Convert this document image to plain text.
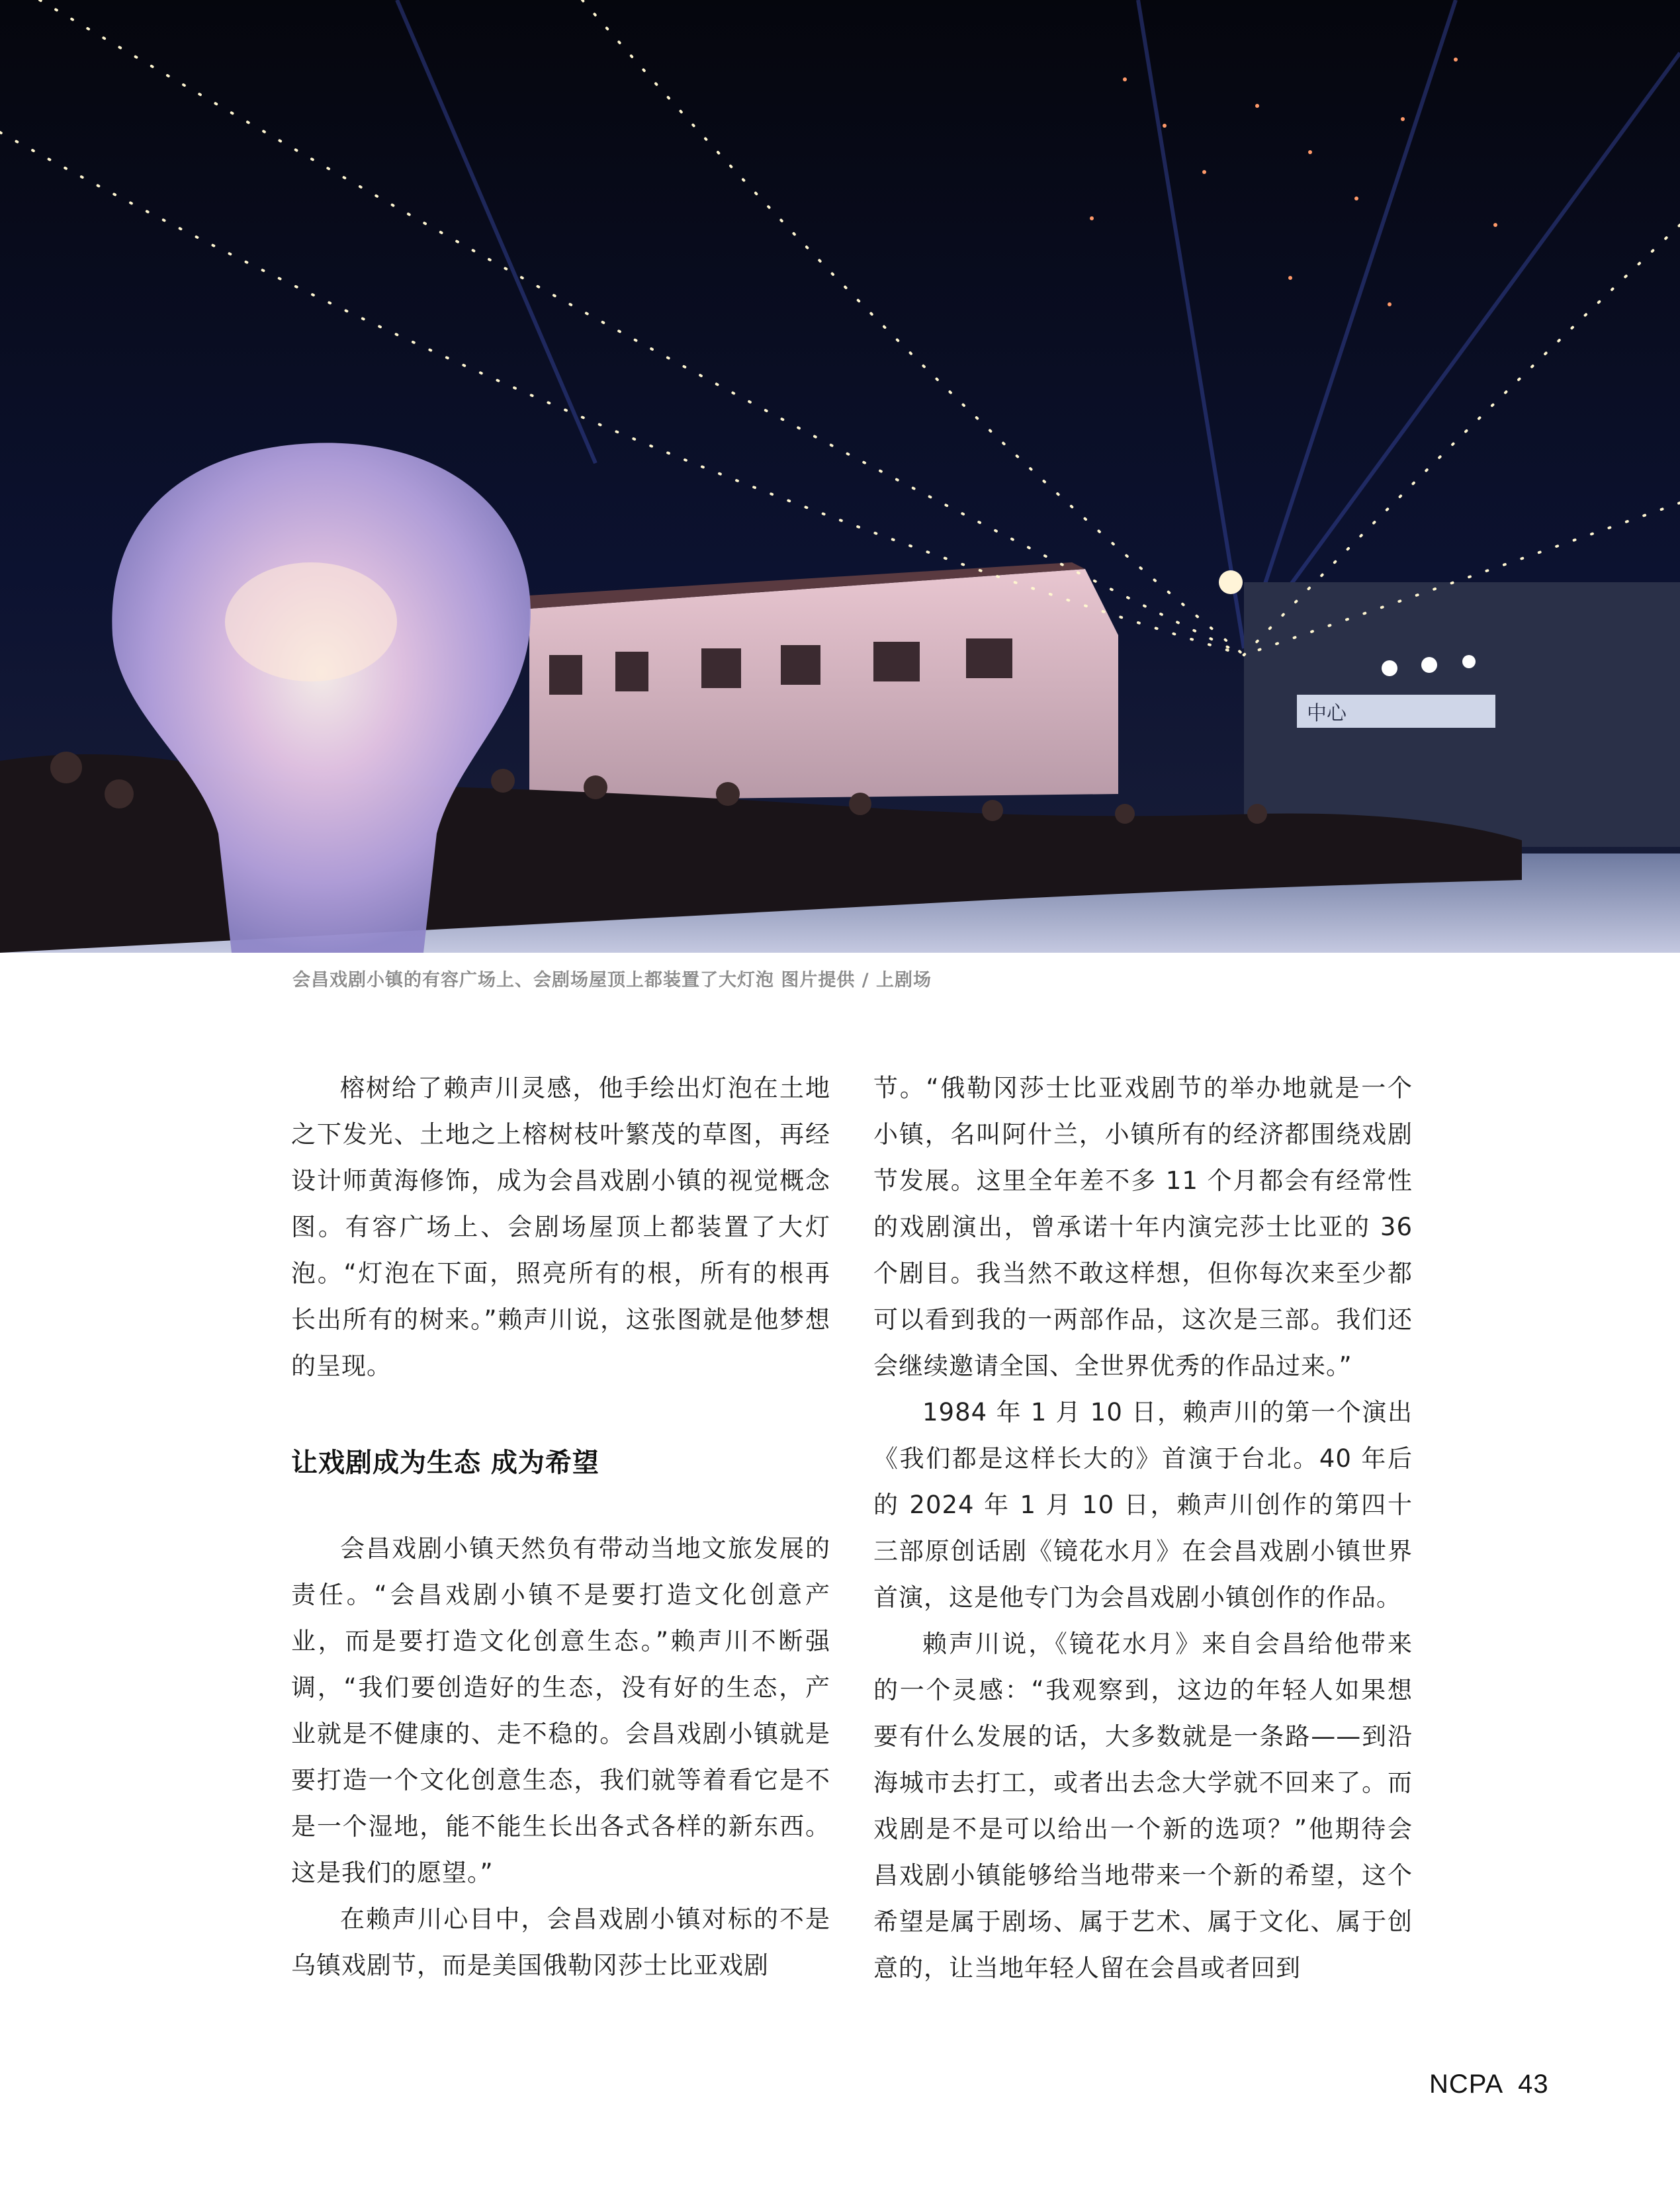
中心
会昌戏剧小镇的有容广场上、会剧场屋顶上都装置了大灯泡 图片提供 / 上剧场

榕树给了赖声川灵感，他手绘出灯泡在土地之下发光、土地之上榕树枝叶繁茂的草图，再经设计师黄海修饰，成为会昌戏剧小镇的视觉概念图。有容广场上、会剧场屋顶上都装置了大灯泡。“灯泡在下面，照亮所有的根，所有的根再长出所有的树来。”赖声川说，这张图就是他梦想的呈现。

让戏剧成为生态 成为希望

会昌戏剧小镇天然负有带动当地文旅发展的责任。“会昌戏剧小镇不是要打造文化创意产业，而是要打造文化创意生态。”赖声川不断强调，“我们要创造好的生态，没有好的生态，产业就是不健康的、走不稳的。会昌戏剧小镇就是要打造一个文化创意生态，我们就等着看它是不是一个湿地，能不能生长出各式各样的新东西。这是我们的愿望。”

在赖声川心目中，会昌戏剧小镇对标的不是乌镇戏剧节，而是美国俄勒冈莎士比亚戏剧

节。“俄勒冈莎士比亚戏剧节的举办地就是一个小镇，名叫阿什兰，小镇所有的经济都围绕戏剧节发展。这里全年差不多 11 个月都会有经常性的戏剧演出，曾承诺十年内演完莎士比亚的 36 个剧目。我当然不敢这样想，但你每次来至少都可以看到我的一两部作品，这次是三部。我们还会继续邀请全国、全世界优秀的作品过来。”

1984 年 1 月 10 日，赖声川的第一个演出《我们都是这样长大的》首演于台北。40 年后的 2024 年 1 月 10 日，赖声川创作的第四十三部原创话剧《镜花水月》在会昌戏剧小镇世界首演，这是他专门为会昌戏剧小镇创作的作品。

赖声川说，《镜花水月》来自会昌给他带来的一个灵感：“我观察到，这边的年轻人如果想要有什么发展的话，大多数就是一条路——到沿海城市去打工，或者出去念大学就不回来了。而戏剧是不是可以给出一个新的选项？”他期待会昌戏剧小镇能够给当地带来一个新的希望，这个希望是属于剧场、属于艺术、属于文化、属于创意的，让当地年轻人留在会昌或者回到

NCPA 43
